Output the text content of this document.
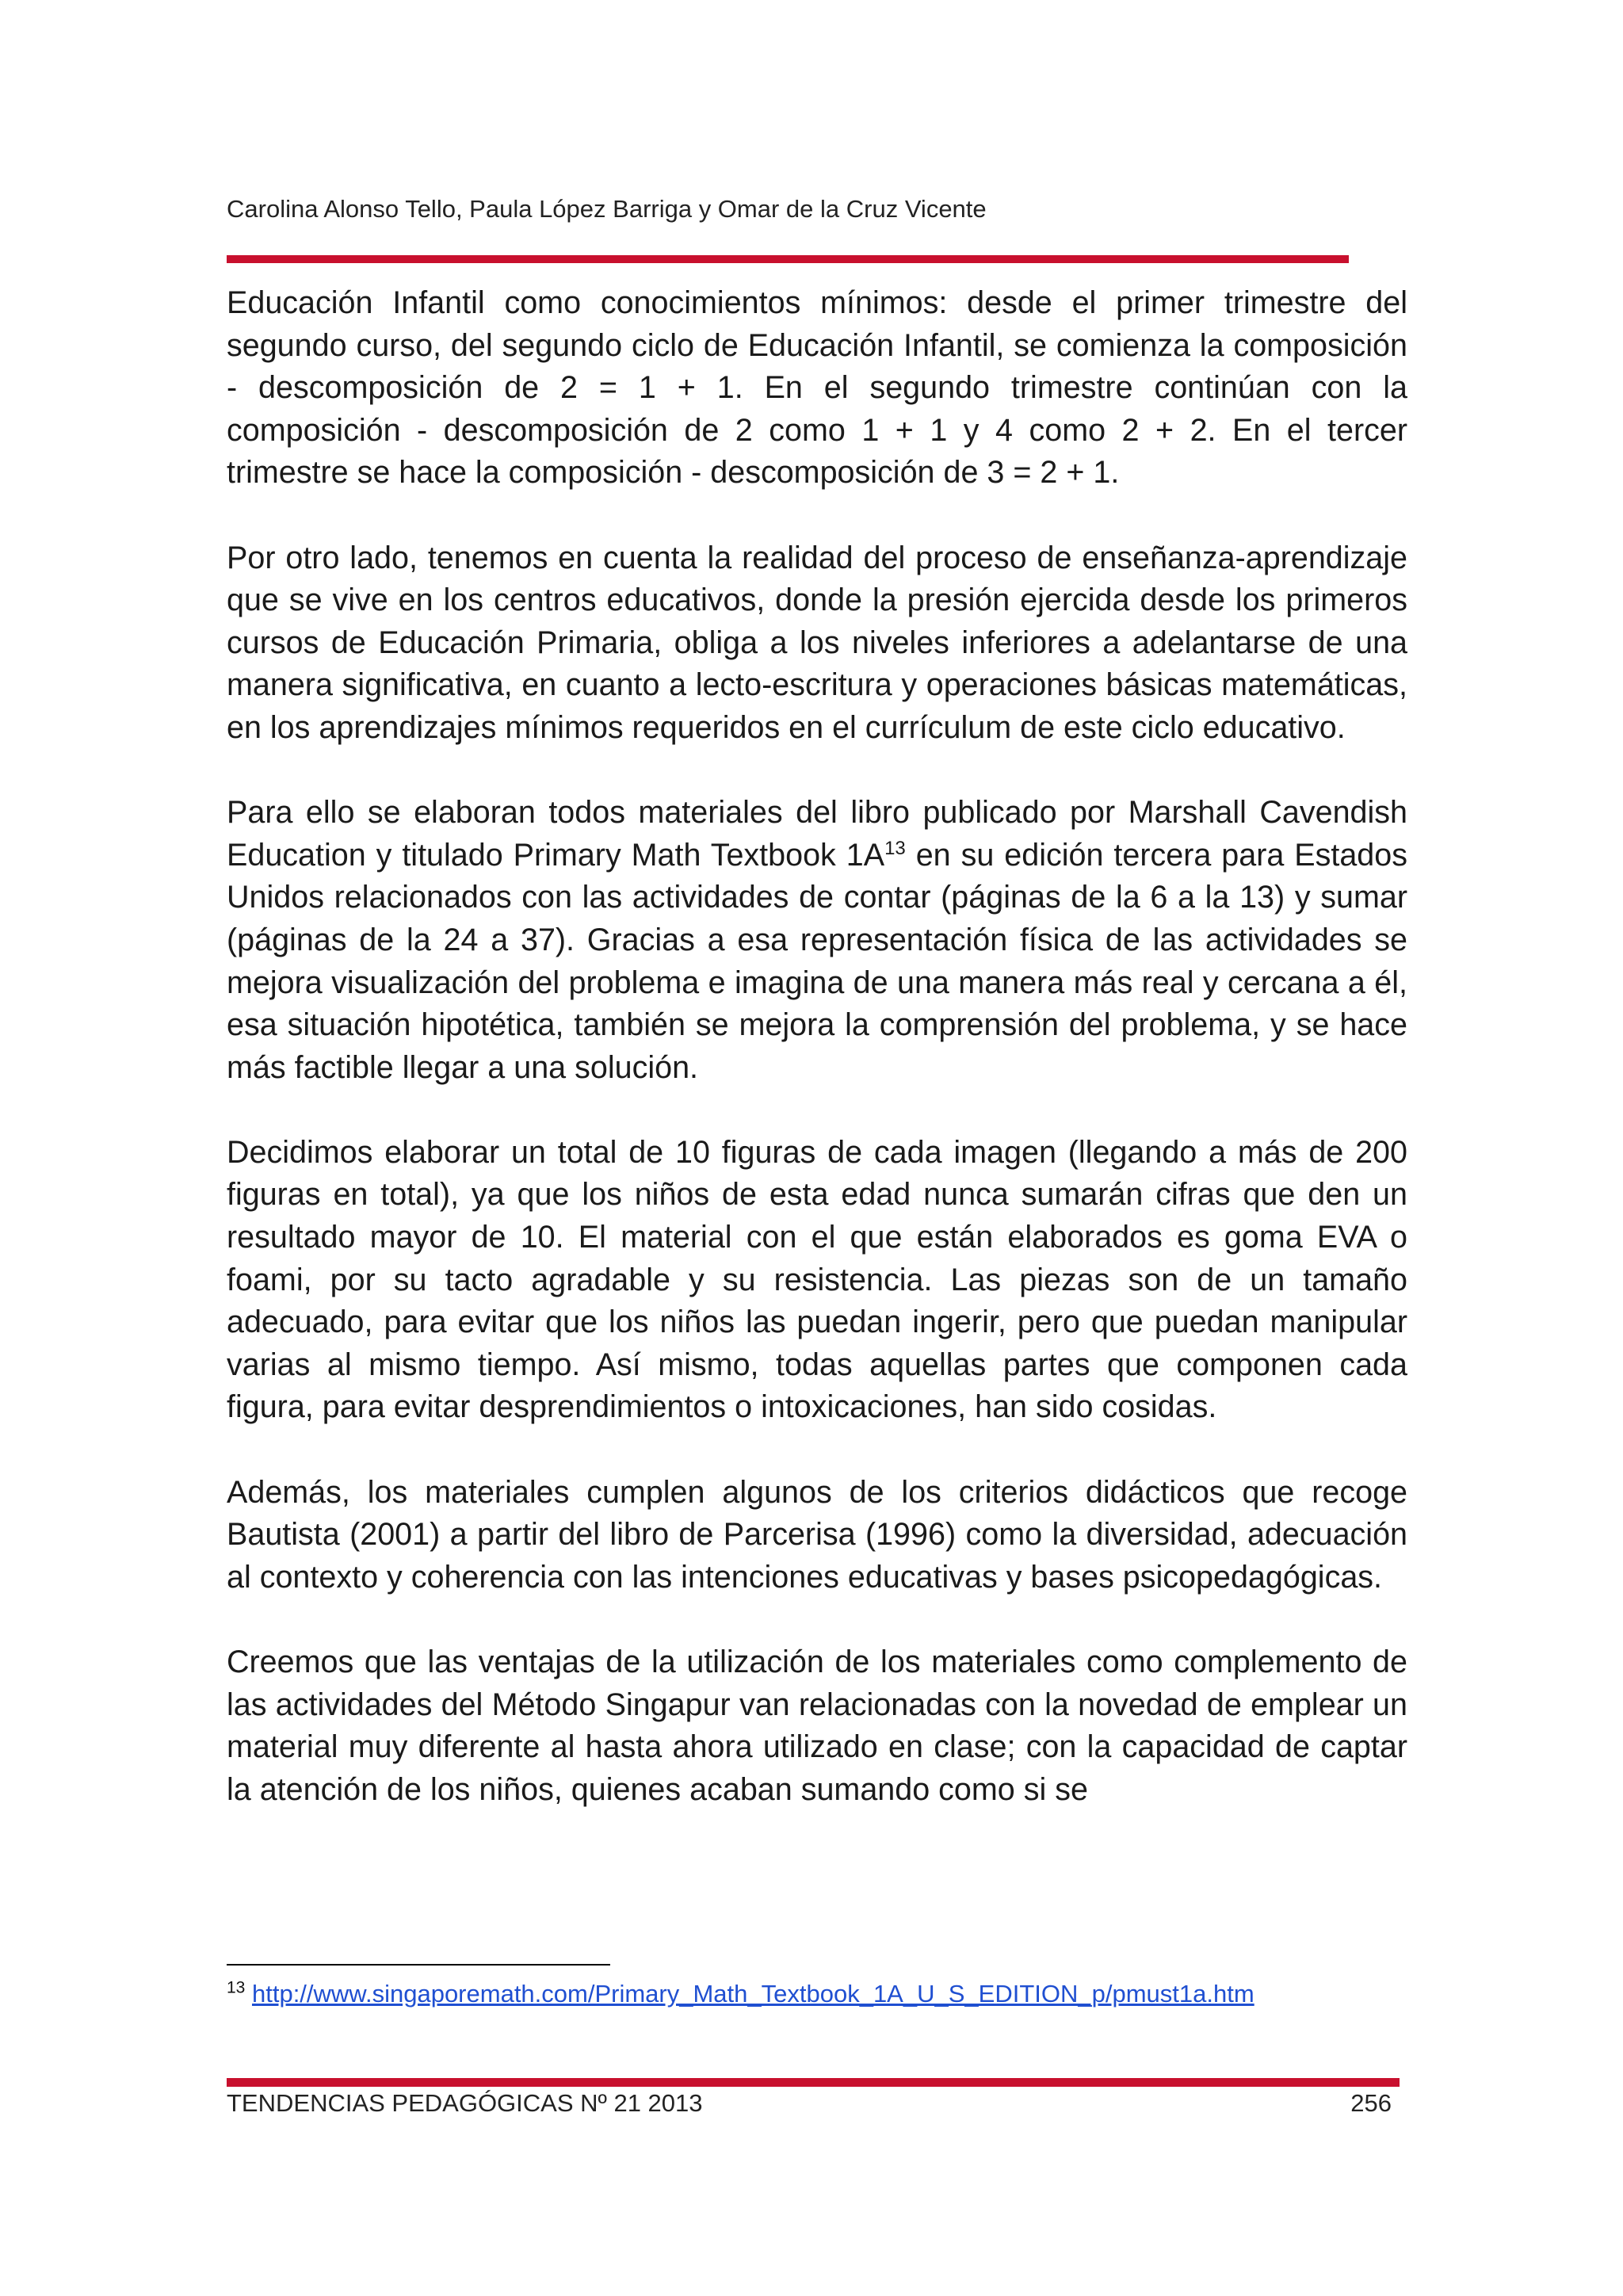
Carolina Alonso Tello, Paula López Barriga y Omar de la Cruz Vicente

Educación Infantil como conocimientos mínimos: desde el primer trimestre del segundo curso, del segundo ciclo de Educación Infantil, se comienza la composición - descomposición de 2 = 1 + 1. En el segundo trimestre continúan con la composición - descomposición de 2 como 1 + 1 y 4 como 2 + 2. En el tercer trimestre se hace la composición - descomposición de 3 = 2 + 1.

Por otro lado, tenemos en cuenta la realidad del proceso de enseñanza-aprendizaje que se vive en los centros educativos, donde la presión ejercida desde los primeros cursos de Educación Primaria, obliga a los niveles inferiores a adelantarse de una manera significativa, en cuanto a lecto-escritura y operaciones básicas matemáticas, en los aprendizajes mínimos requeridos en el currículum de este ciclo educativo.

Para ello se elaboran todos materiales del libro publicado por Marshall Cavendish Education y titulado Primary Math Textbook $1A^{13}$ en su edición tercera para Estados Unidos relacionados con las actividades de contar (páginas de la 6 a la 13) y sumar (páginas de la 24 a 37). Gracias a esa representación física de las actividades se mejora visualización del problema e imagina de una manera más real y cercana a él, esa situación hipotética, también se mejora la comprensión del problema, y se hace más factible llegar a una solución.

Decidimos elaborar un total de 10 figuras de cada imagen (llegando a más de 200 figuras en total), ya que los niños de esta edad nunca sumarán cifras que den un resultado mayor de 10. El material con el que están elaborados es goma EVA o foami, por su tacto agradable y su resistencia. Las piezas son de un tamaño adecuado, para evitar que los niños las puedan ingerir, pero que puedan manipular varias al mismo tiempo. Así mismo, todas aquellas partes que componen cada figura, para evitar desprendimientos o intoxicaciones, han sido cosidas.

Además, los materiales cumplen algunos de los criterios didácticos que recoge Bautista (2001) a partir del libro de Parcerisa (1996) como la diversidad, adecuación al contexto y coherencia con las intenciones educativas y bases psicopedagógicas.

Creemos que las ventajas de la utilización de los materiales como complemento de las actividades del Método Singapur van relacionadas con la novedad de emplear un material muy diferente al hasta ahora utilizado en clase; con la capacidad de captar la atención de los niños, quienes acaban sumando como si se

$^{13}$ http://www.singaporemath.com/Primary_Math_Textbook_1A_U_S_EDITION_p/pmust1a.htm

TENDENCIAS PEDAGÓGICAS Nº 21 2013	256
